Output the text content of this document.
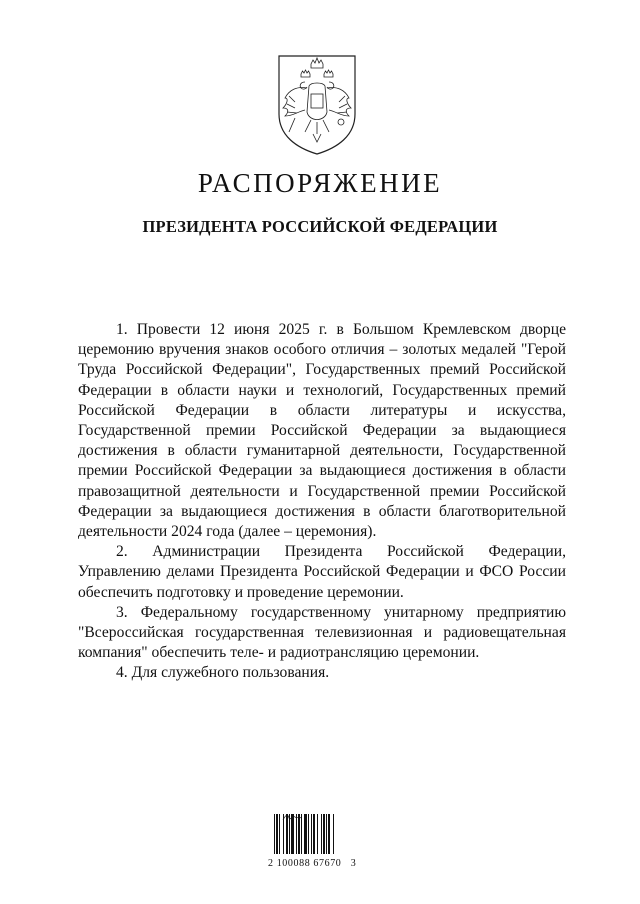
РАСПОРЯЖЕНИЕ
ПРЕЗИДЕНТА РОССИЙСКОЙ ФЕДЕРАЦИИ

1. Провести 12 июня 2025 г. в Большом Кремлевском дворце церемонию вручения знаков особого отличия – золотых медалей "Герой Труда Российской Федерации", Государственных премий Российской Федерации в области науки и технологий, Государственных премий Российской Федерации в области литературы и искусства, Государственной премии Российской Федерации за выдающиеся достижения в области гуманитарной деятельности, Государственной премии Российской Федерации за выдающиеся достижения в области правозащитной деятельности и Государственной премии Российской Федерации за выдающиеся достижения в области благотворительной деятельности 2024 года (далее – церемония).

2. Администрации Президента Российской Федерации, Управлению делами Президента Российской Федерации и ФСО России обеспечить подготовку и проведение церемонии.

3. Федеральному государственному унитарному предприятию "Всероссийская государственная телевизионная и радиовещательная компания" обеспечить теле- и радиотрансляцию церемонии.

4. Для служебного пользования.

2 100088 67670   3
